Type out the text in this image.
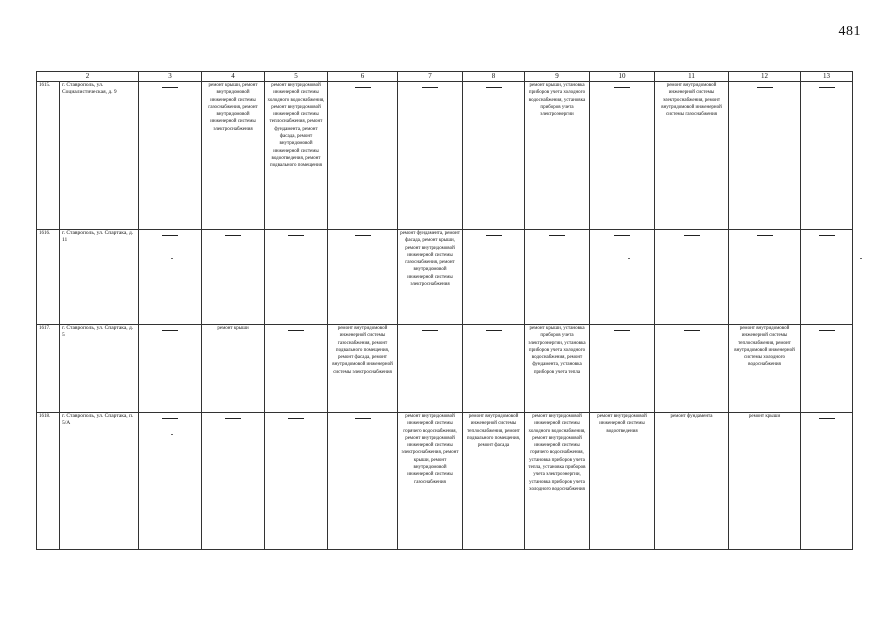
481
2		3	4	5	6	7	8	9	10	11	12	13
1615.	г. Ставрополь, ул. Социалистическая, д. 9		ремонт крыши, ремонт внутридомовой инженерной системы газоснабжения, ремонт внутридомовой инженерной системы электроснабжения	ремонт внутридомовой инженерной системы холодного водоснабжения, ремонт внутридомовой инженерной системы теплоснабжения, ремонт фундамента, ремонт фасада, ремонт внутридомовой инженерной системы водоотведения, ремонт подвального помещения				ремонт крыши, установка приборов учета холодного водоснабжения, установка приборов учета электроэнергии		ремонт внутридомовой инженерной системы электроснабжения, ремонт внутридомовой инженерной системы газоснабжения		
1616.	г. Ставрополь, ул. Спартака, д. 11					ремонт фундамента, ремонт фасада, ремонт крыши, ремонт внутридомовой инженерной системы газоснабжения, ремонт внутридомовой инженерной системы электроснабжения						
1617.	г. Ставрополь, ул. Спартака, д. 5		ремонт крыши		ремонт внутридомовой инженерной системы газоснабжения, ремонт подвального помещения, ремонт фасада, ремонт внутридомовой инженерной системы электроснабжения			ремонт крыши, установка приборов учета электроэнергии, установка приборов учета холодного водоснабжения, ремонт фундамента, установка приборов учета тепла			ремонт внутридомовой инженерной системы теплоснабжения, ремонт внутридомовой инженерной системы холодного водоснабжения	
1618.	г. Ставрополь, ул. Спартака, п. 5/А					ремонт внутридомовой инженерной системы горячего водоснабжения, ремонт внутридомовой инженерной системы электроснабжения, ремонт крыши, ремонт внутридомовой инженерной системы газоснабжения	ремонт внутридомовой инженерной системы теплоснабжения, ремонт подвального помещения, ремонт фасада	ремонт внутридомовой инженерной системы холодного водоснабжения, ремонт внутридомовой инженерной системы горячего водоснабжения, установка приборов учета тепла, установка приборов учета электроэнергии, установка приборов учета холодного водоснабжения	ремонт внутридомовой инженерной системы водоотведения	ремонт фундамента	ремонт крыши	
